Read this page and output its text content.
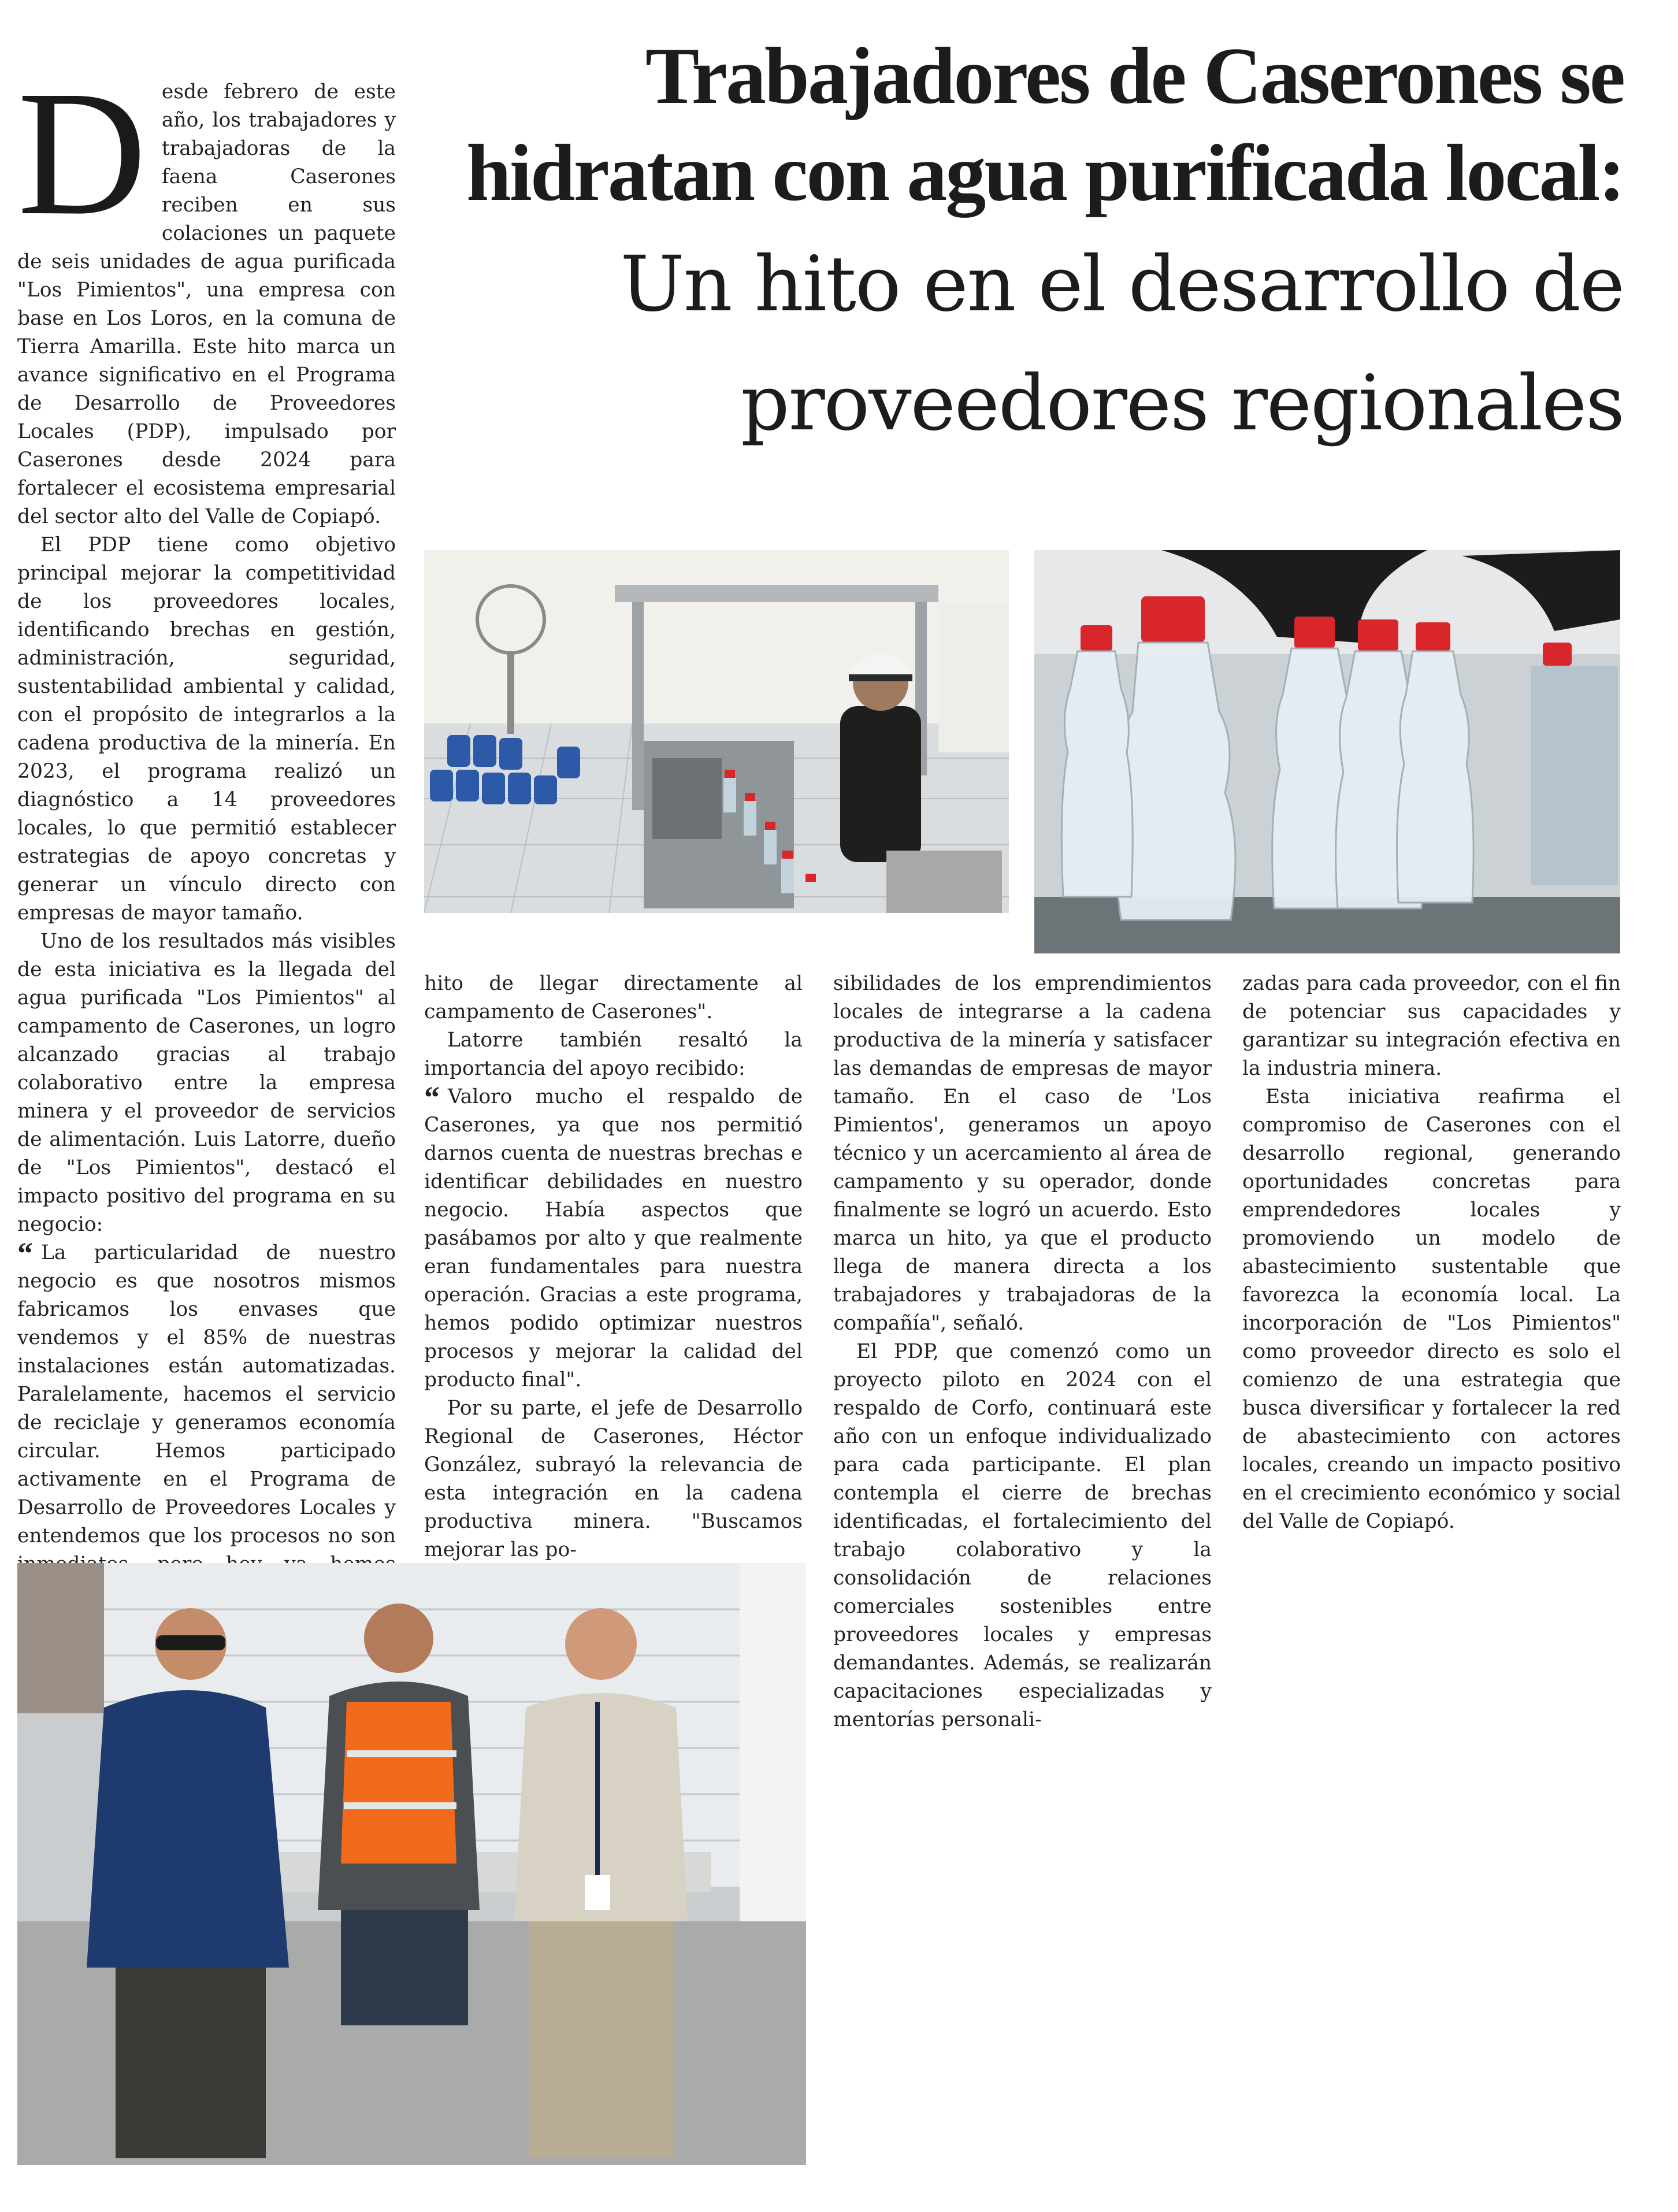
Trabajadores de Caserones se
hidratan con agua purificada local:
Un hito en el desarrollo de
proveedores regionales
D esde febrero de este año, los trabajadores y trabajadoras de la faena Caserones reciben en sus colaciones un paquete de seis unidades de agua purificada "Los Pimientos", una empresa con base en Los Loros, en la comuna de Tierra Amarilla. Este hito marca un avance significativo en el Programa de Desarrollo de Proveedores Locales (PDP), impulsado por Caserones desde 2024 para fortalecer el ecosistema empresarial del sector alto del Valle de Copiapó.

El PDP tiene como objetivo principal mejorar la competitividad de los proveedores locales, identificando brechas en gestión, administración, seguridad, sustentabilidad ambiental y calidad, con el propósito de integrarlos a la cadena productiva de la minería. En 2023, el programa realizó un diagnóstico a 14 proveedores locales, lo que permitió establecer estrategias de apoyo concretas y generar un vínculo directo con empresas de mayor tamaño.

Uno de los resultados más visibles de esta iniciativa es la llegada del agua purificada "Los Pimientos" al campamento de Caserones, un logro alcanzado gracias al trabajo colaborativo entre la empresa minera y el proveedor de servicios de alimentación. Luis Latorre, dueño de "Los Pimientos", destacó el impacto positivo del programa en su negocio:

“ La particularidad de nuestro negocio es que nosotros mismos fabricamos los envases que vendemos y el 85% de nuestras instalaciones están automatizadas. Paralelamente, hacemos el servicio de reciclaje y generamos economía circular. Hemos participado activamente en el Programa de Desarrollo de Proveedores Locales y entendemos que los procesos no son

hito de llegar directamente al campamento de Caserones".

Latorre también resaltó la importancia del apoyo recibido:

“ Valoro mucho el respaldo de Caserones, ya que nos permitió darnos cuenta de nuestras brechas e identificar debilidades en nuestro negocio. Había aspectos que pasábamos por alto y que realmente eran fundamentales para nuestra operación. Gracias a este programa, hemos podido optimizar nuestros procesos y mejorar la calidad del producto final".

Por su parte, el jefe de Desarrollo Regional de Caserones, Héctor González, subrayó la relevancia de esta integración en la cadena productiva minera. "Buscamos mejorar las po-

sibilidades de los emprendimientos locales de integrarse a la cadena productiva de la minería y satisfacer las demandas de empresas de mayor tamaño. En el caso de 'Los Pimientos', generamos un apoyo técnico y un acercamiento al área de campamento y su operador, donde finalmente se logró un acuerdo. Esto marca un hito, ya que el producto llega de manera directa a los trabajadores y trabajadoras de la compañía", señaló.

El PDP, que comenzó como un proyecto piloto en 2024 con el respaldo de Corfo, continuará este año con un enfoque individualizado para cada participante. El plan contempla el cierre de brechas identificadas, el fortalecimiento del trabajo colaborativo y la consolidación de relaciones comerciales sostenibles entre proveedores locales y empresas demandantes. Además, se realizarán capacitaciones especializadas y mentorías personali-

zadas para cada proveedor, con el fin de potenciar sus capacidades y garantizar su integración efectiva en la industria minera.

Esta iniciativa reafirma el compromiso de Caserones con el desarrollo regional, generando oportunidades concretas para emprendedores locales y promoviendo un modelo de abastecimiento sustentable que favorezca la economía local. La incorporación de "Los Pimientos" como proveedor directo es solo el comienzo de una estrategia que busca diversificar y fortalecer la red de abastecimiento con actores locales, creando un impacto positivo en el crecimiento económico y social del Valle de Copiapó.
